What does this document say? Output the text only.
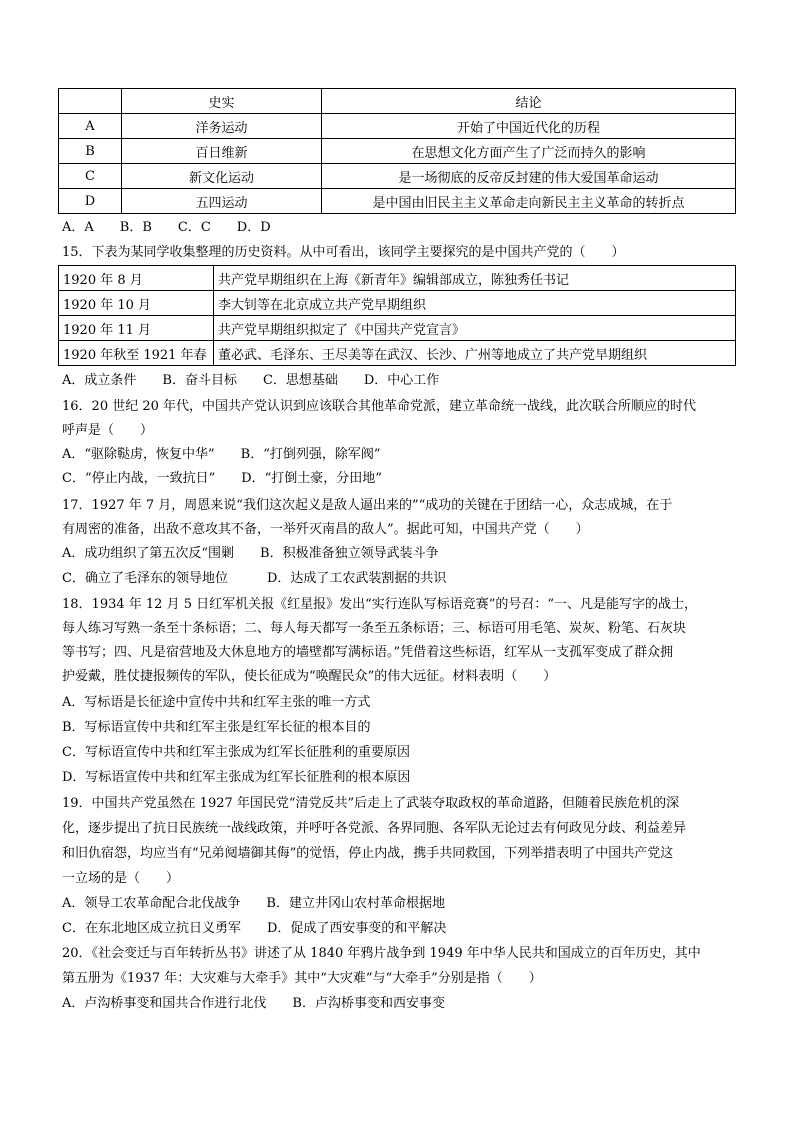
	史实	结论
A	洋务运动	开始了中国近代化的历程
B	百日维新	在思想文化方面产生了广泛而持久的影响
C	新文化运动	是一场彻底的反帝反封建的伟大爱国革命运动
D	五四运动	是中国由旧民主主义革命走向新民主主义革命的转折点
A．A　　B．B　　C．C　　D．D
15．下表为某同学收集整理的历史资料。从中可看出，该同学主要探究的是中国共产党的（　　）
1920 年 8 月	共产党早期组织在上海《新青年》编辑部成立，陈独秀任书记
1920 年 10 月	李大钊等在北京成立共产党早期组织
1920 年 11 月	共产党早期组织拟定了《中国共产党宣言》
1920 年秋至 1921 年春	董必武、毛泽东、王尽美等在武汉、长沙、广州等地成立了共产党早期组织
A．成立条件　　B．奋斗目标　　C．思想基础　　D．中心工作
16．20 世纪 20 年代，中国共产党认识到应该联合其他革命党派，建立革命统一战线，此次联合所顺应的时代
呼声是（　　）
A．“驱除鞑虏，恢复中华”　　B．“打倒列强，除军阀”
C．“停止内战，一致抗日”　　D．“打倒土豪，分田地”
17．1927 年 7 月，周恩来说“我们这次起义是敌人逼出来的”“成功的关键在于团结一心，众志成城，在于
有周密的准备，出敌不意攻其不备，一举歼灭南昌的敌人”。据此可知，中国共产党（　　）
A．成功组织了第五次反“围剿　　B．积极准备独立领导武装斗争
C．确立了毛泽东的领导地位　　　D．达成了工农武装割据的共识
18．1934 年 12 月 5 日红军机关报《红星报》发出“实行连队写标语竞赛”的号召：“一、凡是能写字的战士，
每人练习写熟一条至十条标语；二、每人每天都写一条至五条标语；三、标语可用毛笔、炭灰、粉笔、石灰块
等书写；四、凡是宿营地及大休息地方的墙壁都写满标语。”凭借着这些标语，红军从一支孤军变成了群众拥
护爱戴，胜仗捷报频传的军队，使长征成为“唤醒民众”的伟大远征。材料表明（　　）
A．写标语是长征途中宣传中共和红军主张的唯一方式
B．写标语宣传中共和红军主张是红军长征的根本目的
C．写标语宣传中共和红军主张成为红军长征胜利的重要原因
D．写标语宣传中共和红军主张成为红军长征胜利的根本原因
19．中国共产党虽然在 1927 年国民党“清党反共”后走上了武装夺取政权的革命道路，但随着民族危机的深
化，逐步提出了抗日民族统一战线政策，并呼吁各党派、各界同胞、各军队无论过去有何政见分歧、利益差异
和旧仇宿怨，均应当有“兄弟阋墙御其侮”的觉悟，停止内战，携手共同救国，下列举措表明了中国共产党这
一立场的是（　　）
A．领导工农革命配合北伐战争　　B．建立井冈山农村革命根据地
C．在东北地区成立抗日义勇军　　D．促成了西安事变的和平解决
20．《社会变迁与百年转折丛书》讲述了从 1840 年鸦片战争到 1949 年中华人民共和国成立的百年历史，其中
第五册为《1937 年：大灾难与大牵手》其中“大灾难”与“大牵手”分别是指（　　）
A．卢沟桥事变和国共合作进行北伐　　B．卢沟桥事变和西安事变
